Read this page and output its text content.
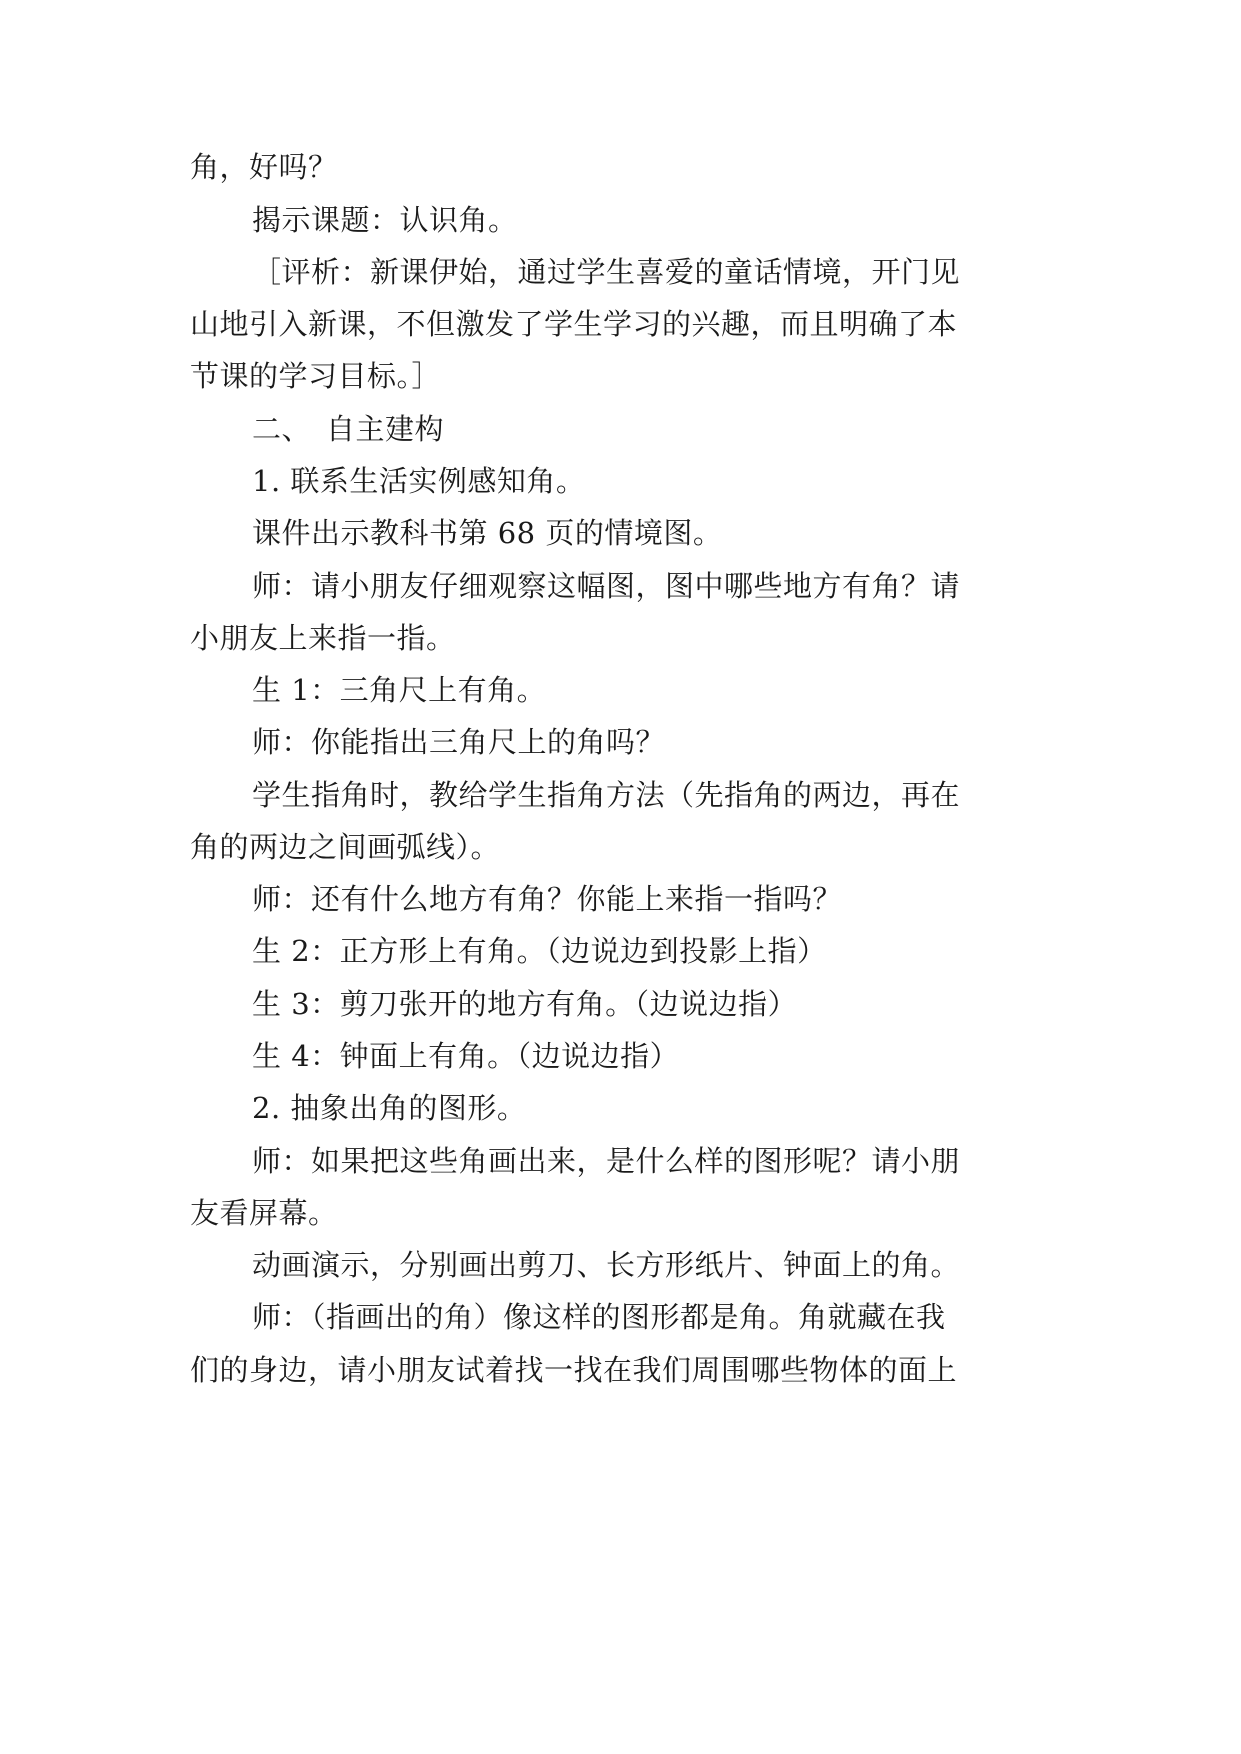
角，好吗？
揭示课题：认识角。
［评析：新课伊始，通过学生喜爱的童话情境，开门见
山地引入新课，不但激发了学生学习的兴趣，而且明确了本
节课的学习目标。］
二、　自主建构
1. 联系生活实例感知角。
课件出示教科书第 68 页的情境图。
师：请小朋友仔细观察这幅图，图中哪些地方有角？请
小朋友上来指一指。
生 1：三角尺上有角。
师：你能指出三角尺上的角吗？
学生指角时，教给学生指角方法（先指角的两边，再在
角的两边之间画弧线）。
师：还有什么地方有角？你能上来指一指吗？
生 2：正方形上有角。（边说边到投影上指）
生 3：剪刀张开的地方有角。（边说边指）
生 4：钟面上有角。（边说边指）
2. 抽象出角的图形。
师：如果把这些角画出来，是什么样的图形呢？请小朋
友看屏幕。
动画演示，分别画出剪刀、长方形纸片、钟面上的角。
师：（指画出的角）像这样的图形都是角。角就藏在我
们的身边，请小朋友试着找一找在我们周围哪些物体的面上
